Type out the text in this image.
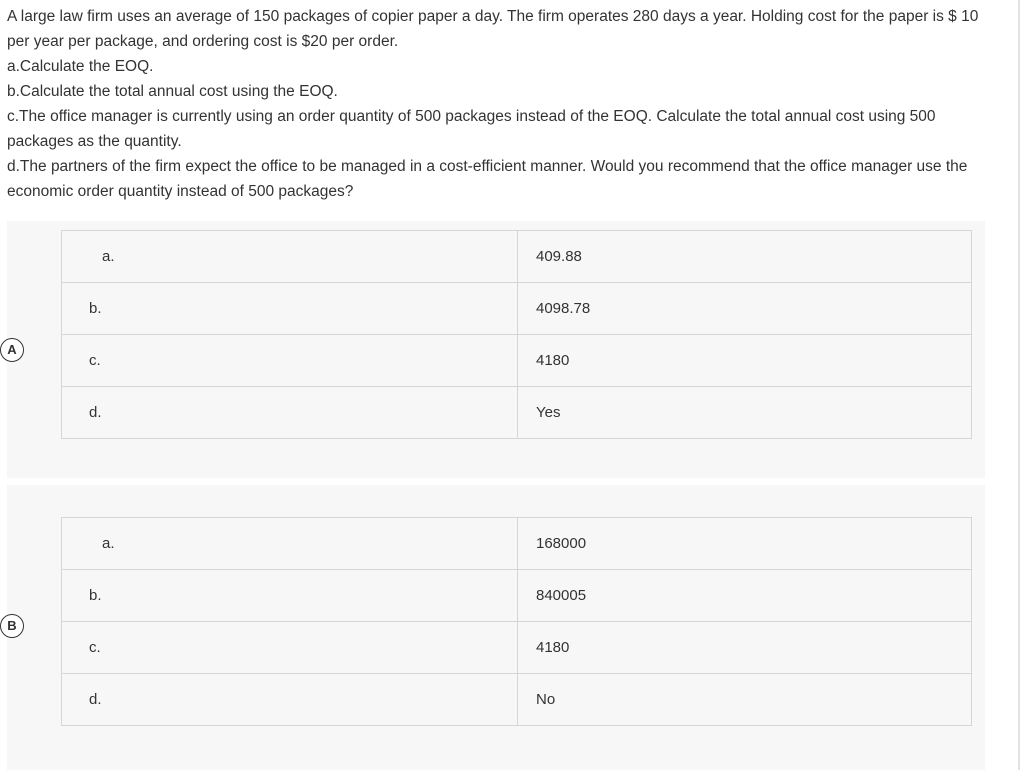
A large law firm uses an average of 150 packages of copier paper a day. The firm operates 280 days a year. Holding cost for the paper is $ 10 per year per package, and ordering cost is $20 per order.

a.Calculate the EOQ.

b.Calculate the total annual cost using the EOQ.

c.The office manager is currently using an order quantity of 500 packages instead of the EOQ. Calculate the total annual cost using 500 packages as the quantity.

d.The partners of the firm expect the office to be managed in a cost-efficient manner. Would you recommend that the office manager use the economic order quantity instead of 500 packages?

A
a.	409.88
b.	4098.78
c.	4180
d.	Yes
B
a.	168000
b.	840005
c.	4180
d.	No
